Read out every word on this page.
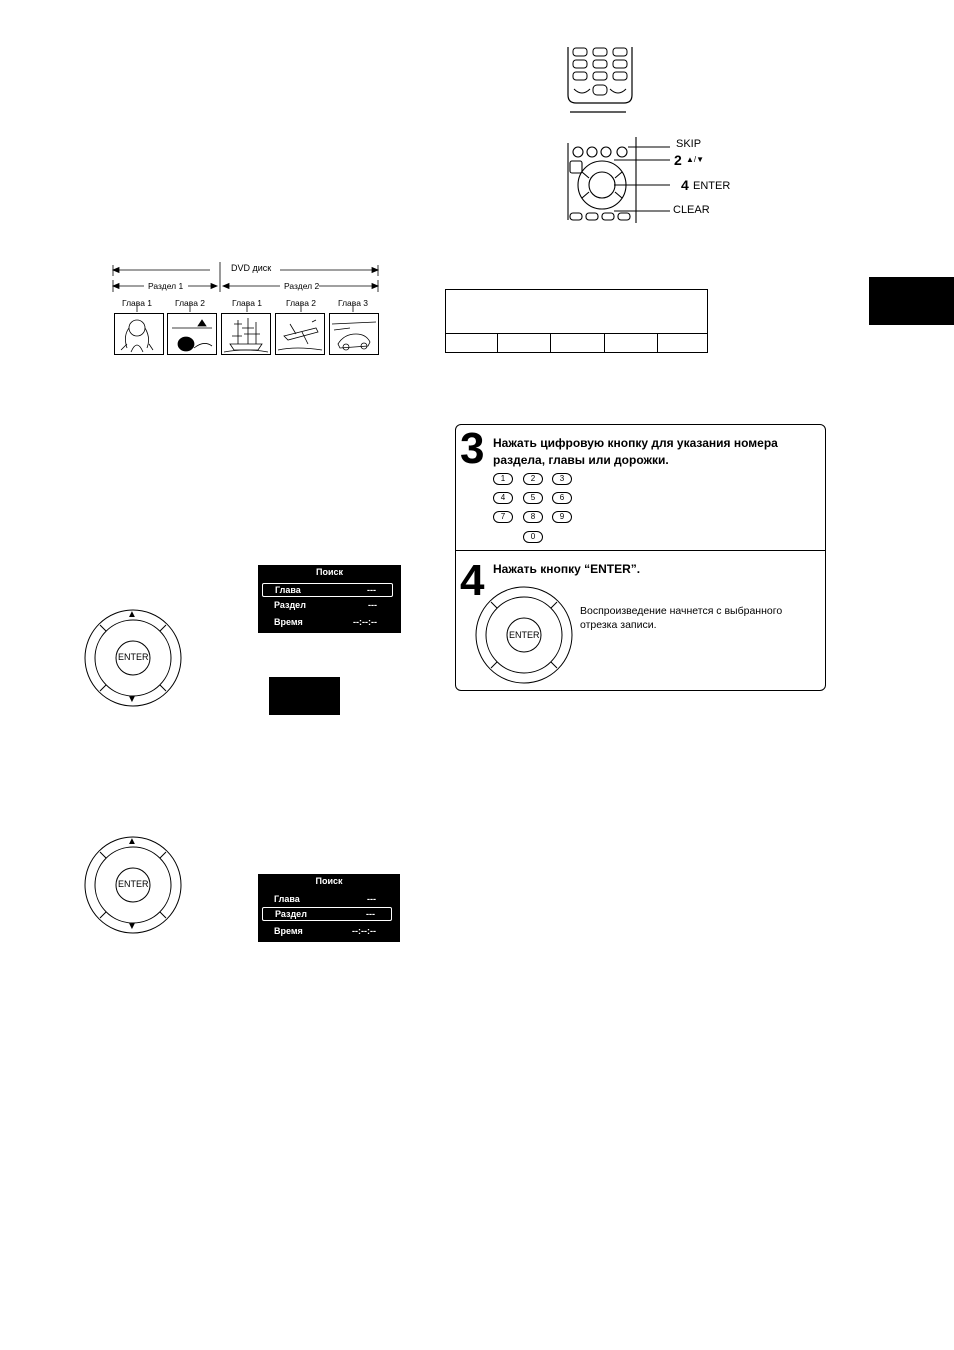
SKIP
2 ▲/▼
4 ENTER
CLEAR
DVD диск
Раздел 1	Раздел 2
Глава 1	Глава 2	Глава 1	Глава 2	Глава 3
▲
ENTER
▼
Поиск
Глава	---
Раздел	---
Время	--:--:--
▲
ENTER
▼
Поиск
Глава	---
Раздел	---
Время	--:--:--
3 Нажать цифровую кнопку для указания номера
раздела, главы или дорожки.
1	2	3
4	5	6
7	8	9
0
4 Нажать кнопку “ENTER”.
ENTER
Воспроизведение начнется с выбранного
отрезка записи.
